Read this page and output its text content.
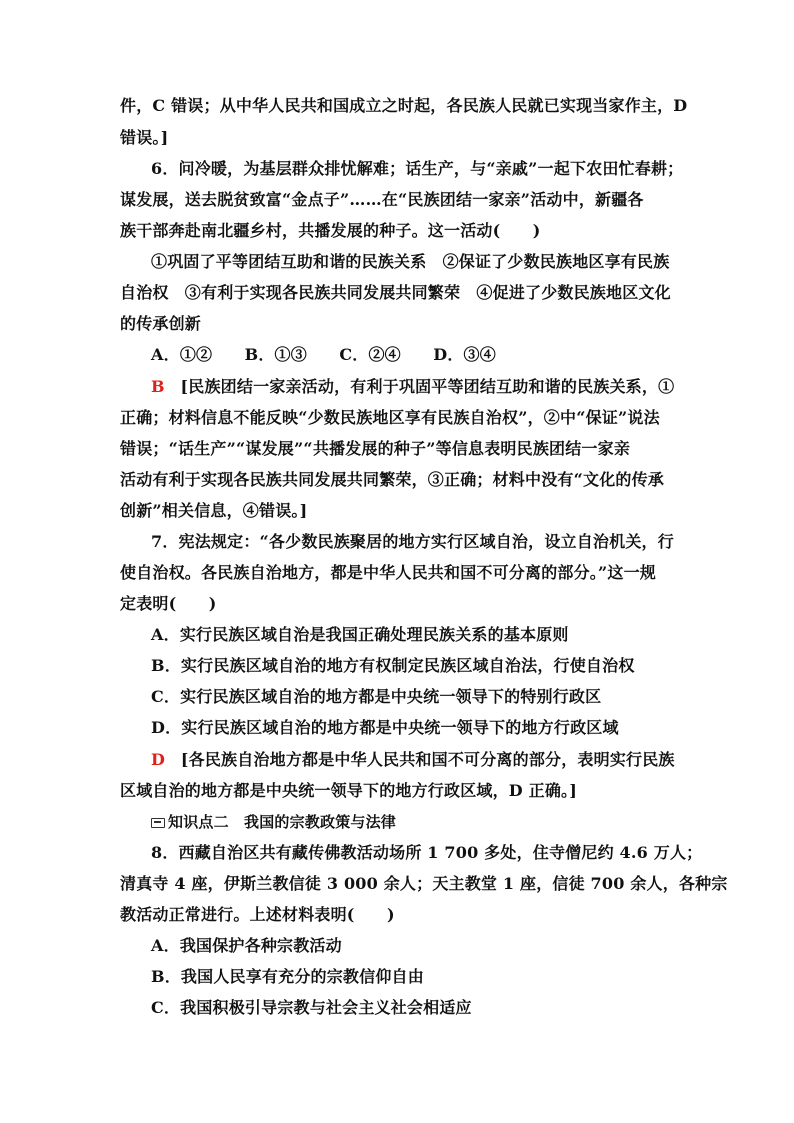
件，C 错误；从中华人民共和国成立之时起，各民族人民就已实现当家作主，D
错误。]
6．问冷暖，为基层群众排忧解难；话生产，与“亲戚”一起下农田忙春耕；
谋发展，送去脱贫致富“金点子”……在“民族团结一家亲”活动中，新疆各
族干部奔赴南北疆乡村，共播发展的种子。这一活动(　　)
①巩固了平等团结互助和谐的民族关系　②保证了少数民族地区享有民族
自治权　③有利于实现各民族共同发展共同繁荣　④促进了少数民族地区文化
的传承创新
A．①②　　B．①③　　C．②④　　D．③④
B [民族团结一家亲活动，有利于巩固平等团结互助和谐的民族关系，①
正确；材料信息不能反映“少数民族地区享有民族自治权”，②中“保证”说法
错误；“话生产”“谋发展”“共播发展的种子”等信息表明民族团结一家亲
活动有利于实现各民族共同发展共同繁荣，③正确；材料中没有“文化的传承
创新”相关信息，④错误。]
7．宪法规定：“各少数民族聚居的地方实行区域自治，设立自治机关，行
使自治权。各民族自治地方，都是中华人民共和国不可分离的部分。”这一规
定表明(　　)
A．实行民族区域自治是我国正确处理民族关系的基本原则
B．实行民族区域自治的地方有权制定民族区域自治法，行使自治权
C．实行民族区域自治的地方都是中央统一领导下的特别行政区
D．实行民族区域自治的地方都是中央统一领导下的地方行政区域
D [各民族自治地方都是中华人民共和国不可分离的部分，表明实行民族
区域自治的地方都是中央统一领导下的地方行政区域，D 正确。]
知识点二　我国的宗教政策与法律
8．西藏自治区共有藏传佛教活动场所 1 700 多处，住寺僧尼约 4.6 万人；
清真寺 4 座，伊斯兰教信徒 3 000 余人；天主教堂 1 座，信徒 700 余人，各种宗
教活动正常进行。上述材料表明(　　)
A．我国保护各种宗教活动
B．我国人民享有充分的宗教信仰自由
C．我国积极引导宗教与社会主义社会相适应
